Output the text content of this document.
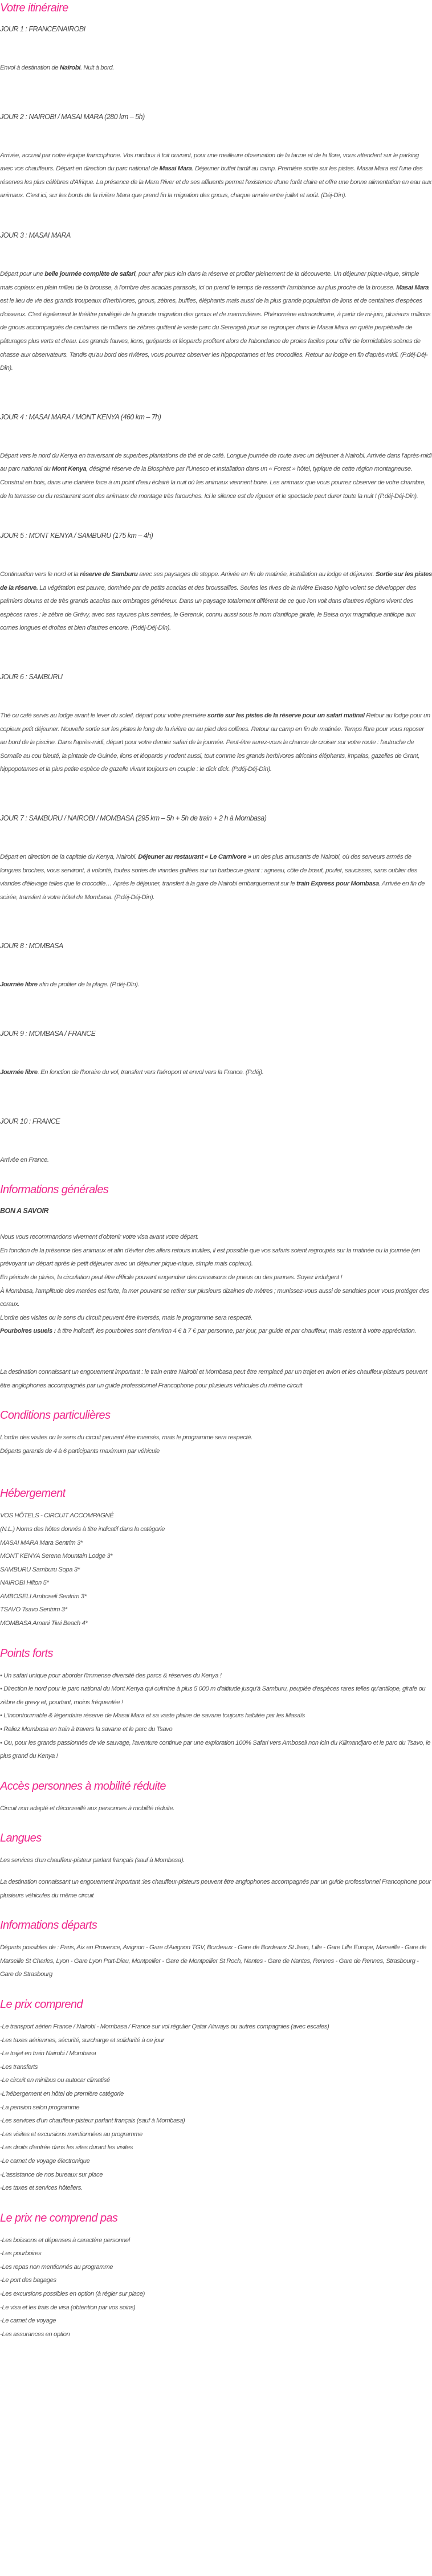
Votre itinéraire

JOUR 1 : FRANCE/NAIROBI

Envol à destination de Nairobi. Nuit à bord.

JOUR 2 : NAIROBI / MASAI MARA (280 km – 5h)

Arrivée, accueil par notre équipe francophone. Vos minibus à toit ouvrant, pour une meilleure observation de la faune et de la flore, vous attendent sur le parking avec vos chauffeurs. Départ en direction du parc national de Masai Mara. Déjeuner buffet tardif au camp. Première sortie sur les pistes. Masai Mara est l'une des réserves les plus célèbres d'Afrique. La présence de la Mara River et de ses affluents permet l'existence d'une forêt claire et offre une bonne alimentation en eau aux animaux. C'est ici, sur les bords de la rivière Mara que prend fin la migration des gnous, chaque année entre juillet et août. (Déj-Dîn).

JOUR 3 : MASAI MARA

Départ pour une belle journée complète de safari, pour aller plus loin dans la réserve et profiter pleinement de la découverte. Un déjeuner pique-nique, simple mais copieux en plein milieu de la brousse, à l'ombre des acacias parasols, ici on prend le temps de ressentir l'ambiance au plus proche de la brousse. Masai Mara est le lieu de vie des grands troupeaux d'herbivores, gnous, zèbres, buffles, éléphants mais aussi de la plus grande population de lions et de centaines d'espèces d'oiseaux. C'est également le théâtre privilégié de la grande migration des gnous et de mammifères. Phénomène extraordinaire, à partir de mi-juin, plusieurs millions de gnous accompagnés de centaines de milliers de zèbres quittent le vaste parc du Serengeti pour se regrouper dans le Masai Mara en quête perpétuelle de pâturages plus verts et d'eau. Les grands fauves, lions, guépards et léopards profitent alors de l'abondance de proies faciles pour offrir de formidables scènes de chasse aux observateurs. Tandis qu'au bord des rivières, vous pourrez observer les hippopotames et les crocodiles. Retour au lodge en fin d'après-midi. (P.déj-Déj-Dîn).

JOUR 4 : MASAI MARA / MONT KENYA (460 km – 7h)

Départ vers le nord du Kenya en traversant de superbes plantations de thé et de café. Longue journée de route avec un déjeuner à Nairobi. Arrivée dans l'après-midi au parc national du Mont Kenya, désigné réserve de la Biosphère par l'Unesco et installation dans un « Forest » hôtel, typique de cette région montagneuse. Construit en bois, dans une clairière face à un point d'eau éclairé la nuit où les animaux viennent boire. Les animaux que vous pourrez observer de votre chambre, de la terrasse ou du restaurant sont des animaux de montage très farouches. Ici le silence est de rigueur et le spectacle peut durer toute la nuit ! (P.déj-Déj-Dîn).

JOUR 5 : MONT KENYA / SAMBURU (175 km – 4h)

Continuation vers le nord et la réserve de Samburu avec ses paysages de steppe. Arrivée en fin de matinée, installation au lodge et déjeuner. Sortie sur les pistes de la réserve. La végétation est pauvre, dominée par de petits acacias et des broussailles. Seules les rives de la rivière Ewaso Ngiro voient se développer des palmiers doums et de très grands acacias aux ombrages généreux. Dans un paysage totalement différent de ce que l'on voit dans d'autres régions vivent des espèces rares : le zèbre de Grévy, avec ses rayures plus serrées, le Gerenuk, connu aussi sous le nom d'antilope girafe, le Beisa oryx magnifique antilope aux cornes longues et droites et bien d'autres encore. (P.déj-Déj-Dîn).

JOUR 6 : SAMBURU

Thé ou café servis au lodge avant le lever du soleil, départ pour votre première sortie sur les pistes de la réserve pour un safari matinal Retour au lodge pour un copieux petit déjeuner. Nouvelle sortie sur les pistes le long de la rivière ou au pied des collines. Retour au camp en fin de matinée. Temps libre pour vous reposer au bord de la piscine. Dans l'après-midi, départ pour votre dernier safari de la journée. Peut-être aurez-vous la chance de croiser sur votre route : l'autruche de Somalie au cou bleuté, la pintade de Guinée, lions et léopards y rodent aussi, tout comme les grands herbivores africains éléphants, impalas, gazelles de Grant, hippopotames et la plus petite espèce de gazelle vivant toujours en couple : le dick dick. (P.déj-Déj-Dîn).

JOUR 7 : SAMBURU / NAIROBI / MOMBASA (295 km – 5h + 5h de train + 2 h à Mombasa)

Départ en direction de la capitale du Kenya, Nairobi. Déjeuner au restaurant « Le Carnivore » un des plus amusants de Nairobi, où des serveurs armés de longues broches, vous serviront, à volonté, toutes sortes de viandes grillées sur un barbecue géant : agneau, côte de bœuf, poulet, saucisses, sans oublier des viandes d'élevage telles que le crocodile… Après le déjeuner, transfert à la gare de Nairobi embarquement sur le train Express pour Mombasa. Arrivée en fin de soirée, transfert à votre hôtel de Mombasa. (P.déj-Déj-Dîn).

JOUR 8 : MOMBASA

Journée libre afin de profiter de la plage. (P.déj-Dîn).

JOUR 9 : MOMBASA / FRANCE

Journée libre. En fonction de l'horaire du vol, transfert vers l'aéroport et envol vers la France. (P.déj).

JOUR 10 : FRANCE

Arrivée en France.

Informations générales

BON A SAVOIR

Nous vous recommandons vivement d'obtenir votre visa avant votre départ.

En fonction de la présence des animaux et afin d'éviter des allers retours inutiles, il est possible que vos safaris soient regroupés sur la matinée ou la journée (en prévoyant un départ après le petit déjeuner avec un déjeuner pique-nique, simple mais copieux).

En période de pluies, la circulation peut être difficile pouvant engendrer des crevaisons de pneus ou des pannes. Soyez indulgent !

À Mombasa, l'amplitude des marées est forte, la mer pouvant se retirer sur plusieurs dizaines de mètres ; munissez-vous aussi de sandales pour vous protéger des coraux.

L'ordre des visites ou le sens du circuit peuvent être inversés, mais le programme sera respecté.

Pourboires usuels : à titre indicatif, les pourboires sont d'environ 4 € à 7 € par personne, par jour, par guide et par chauffeur, mais restent à votre appréciation.

La destination connaissant un engouement important : le train entre Nairobi et Mombasa peut être remplacé par un trajet en avion et les chauffeur-pisteurs peuvent être anglophones accompagnés par un guide professionnel Francophone pour plusieurs véhicules du même circuit

Conditions particulières

L'ordre des visites ou le sens du circuit peuvent être inversés, mais le programme sera respecté.

Départs garantis de 4 à 6 participants maximum par véhicule

Hébergement

VOS HÔTELS - CIRCUIT ACCOMPAGNÉ

(N.L.) Noms des hôtes donnés à titre indicatif dans la catégorie

MASAI MARA Mara Sentrim 3*

MONT KENYA Serena Mountain Lodge 3*

SAMBURU Samburu Sopa 3*

NAIROBI Hilton 5*

AMBOSELI Amboseli Sentrim 3*

TSAVO Tsavo Sentrim 3*

MOMBASA Amani Tiwi Beach 4*

Points forts

• Un safari unique pour aborder l'immense diversité des parcs & réserves du Kenya !

• Direction le nord pour le parc national du Mont Kenya qui culmine à plus 5 000 m d'altitude jusqu'à Samburu, peuplée d'espèces rares telles qu'antilope, girafe ou zèbre de grevy et, pourtant, moins fréquentée !

• L'incontournable & légendaire réserve de Masai Mara et sa vaste plaine de savane toujours habitée par les Masaïs

• Reliez Mombasa en train à travers la savane et le parc du Tsavo

• Ou, pour les grands passionnés de vie sauvage, l'aventure continue par une exploration 100% Safari vers Amboseli non loin du Kilimandjaro et le parc du Tsavo, le plus grand du Kenya !

Accès personnes à mobilité réduite

Circuit non adapté et déconseillé aux personnes à mobilité réduite.

Langues

Les services d'un chauffeur-pisteur parlant français (sauf à Mombasa).

La destination connaissant un engouement important :les chauffeur-pisteurs peuvent être anglophones accompagnés par un guide professionnel Francophone pour plusieurs véhicules du même circuit

Informations départs

Départs possibles de : Paris, Aix en Provence, Avignon - Gare d'Avignon TGV, Bordeaux - Gare de Bordeaux St Jean, Lille - Gare Lille Europe, Marseille - Gare de Marseille St Charles, Lyon - Gare Lyon Part-Dieu, Montpellier - Gare de Montpellier St Roch, Nantes - Gare de Nantes, Rennes - Gare de Rennes, Strasbourg - Gare de Strasbourg

Le prix comprend

-Le transport aérien France / Nairobi - Mombasa / France sur vol régulier Qatar Airways ou autres compagnies (avec escales)

-Les taxes aériennes, sécurité, surcharge et solidarité à ce jour

-Le trajet en train Nairobi / Mombasa

-Les transferts

-Le circuit en minibus ou autocar climatisé

-L'hébergement en hôtel de première catégorie

-La pension selon programme

-Les services d'un chauffeur-pisteur parlant français (sauf à Mombasa)

-Les visites et excursions mentionnées au programme

-Les droits d'entrée dans les sites durant les visites

-Le carnet de voyage électronique

-L'assistance de nos bureaux sur place

-Les taxes et services hôteliers.

Le prix ne comprend pas

-Les boissons et dépenses à caractère personnel

-Les pourboires

-Les repas non mentionnés au programme

-Le port des bagages

-Les excursions possibles en option (à régler sur place)

-Le visa et les frais de visa (obtention par vos soins)

-Le carnet de voyage

-Les assurances en option
